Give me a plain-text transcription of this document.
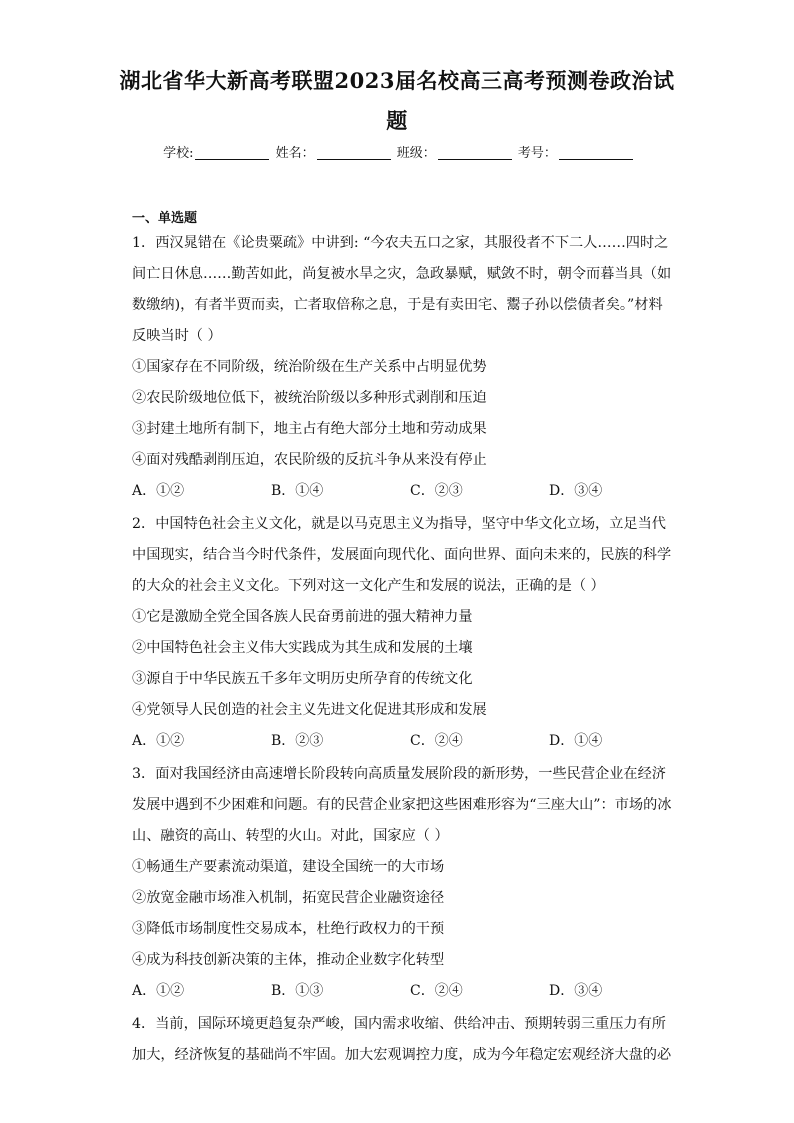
湖北省华大新高考联盟2023届名校高三高考预测卷政治试
题
学校:	姓名：	班级：	考号：
一、单选题
1．西汉晁错在《论贵粟疏》中讲到: “今农夫五口之家，其服役者不下二人……四时之
间亡日休息……勤苦如此，尚复被水旱之灾，急政暴赋，赋敛不时，朝令而暮当具（如
数缴纳)，有者半贾而卖，亡者取倍称之息，于是有卖田宅、鬻子孙以偿债者矣。”材料
反映当时（ ）
①国家存在不同阶级，统治阶级在生产关系中占明显优势
②农民阶级地位低下，被统治阶级以多种形式剥削和压迫
③封建土地所有制下，地主占有绝大部分土地和劳动成果
④面对残酷剥削压迫，农民阶级的反抗斗争从来没有停止
A．①②	B．①④	C．②③	D．③④
2．中国特色社会主义文化，就是以马克思主义为指导，坚守中华文化立场，立足当代
中国现实，结合当今时代条件，发展面向现代化、面向世界、面向未来的，民族的科学
的大众的社会主义文化。下列对这一文化产生和发展的说法，正确的是（ ）
①它是激励全党全国各族人民奋勇前进的强大精神力量
②中国特色社会主义伟大实践成为其生成和发展的土壤
③源自于中华民族五千多年文明历史所孕育的传统文化
④党领导人民创造的社会主义先进文化促进其形成和发展
A．①②	B．②③	C．②④	D．①④
3．面对我国经济由高速增长阶段转向高质量发展阶段的新形势，一些民营企业在经济
发展中遇到不少困难和问题。有的民营企业家把这些困难形容为“三座大山”：市场的冰
山、融资的高山、转型的火山。对此，国家应（ ）
①畅通生产要素流动渠道，建设全国统一的大市场
②放宽金融市场准入机制，拓宽民营企业融资途径
③降低市场制度性交易成本，杜绝行政权力的干预
④成为科技创新决策的主体，推动企业数字化转型
A．①②	B．①③	C．②④	D．③④
4．当前，国际环境更趋复杂严峻，国内需求收缩、供给冲击、预期转弱三重压力有所
加大，经济恢复的基础尚不牢固。加大宏观调控力度，成为今年稳定宏观经济大盘的必
